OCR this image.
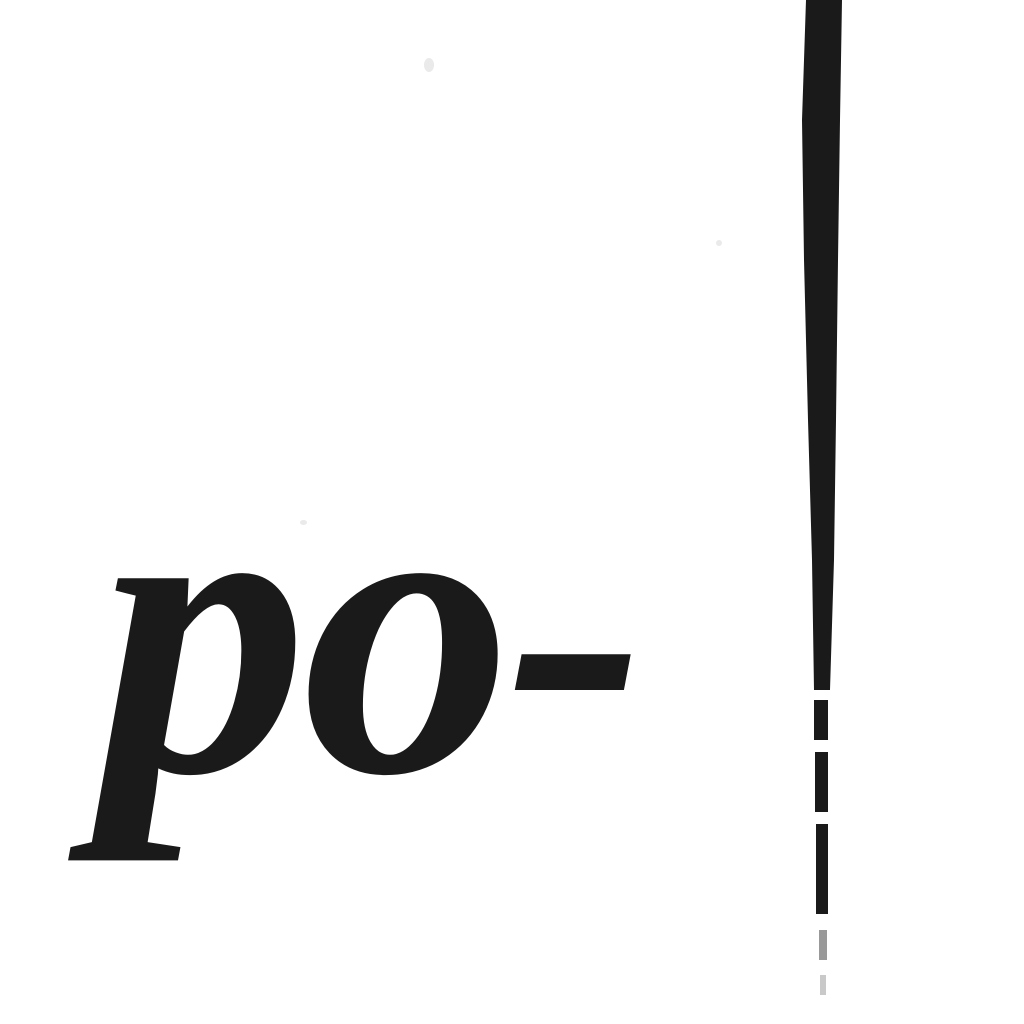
po-
